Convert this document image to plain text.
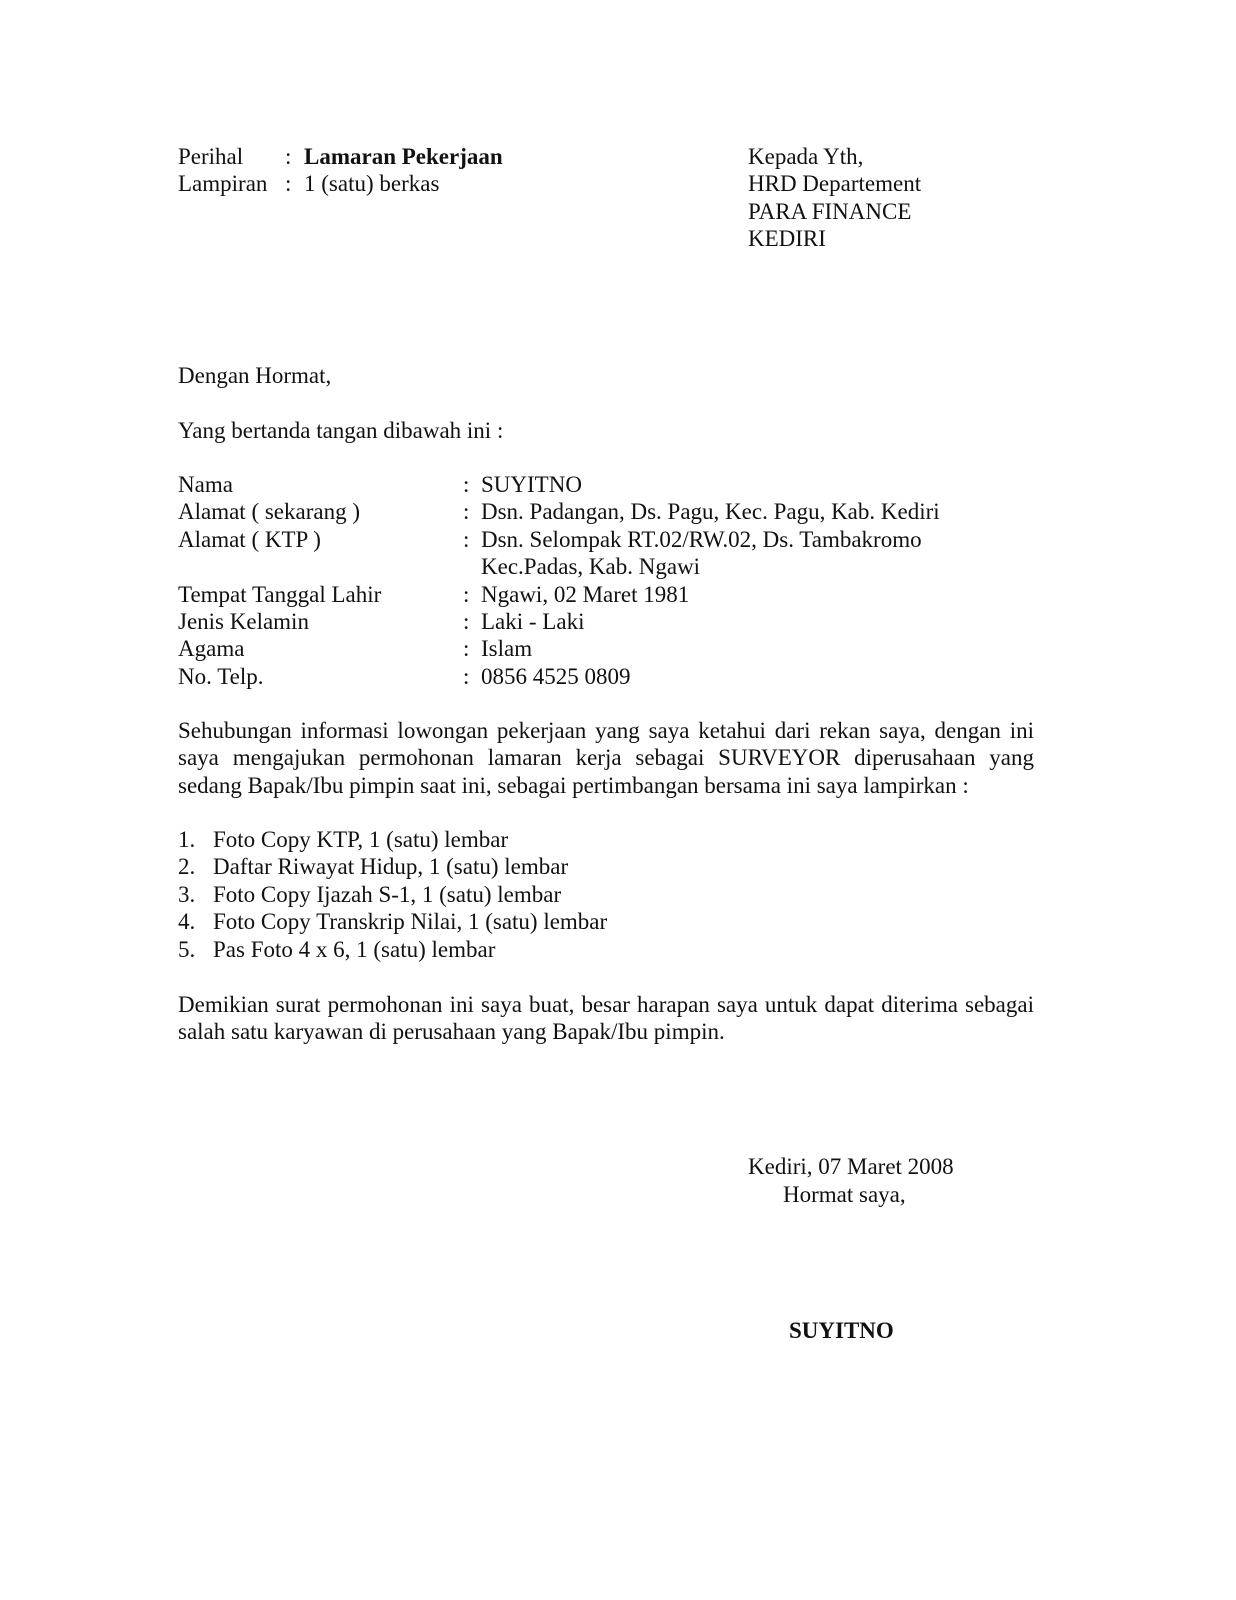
Perihal : Lamaran Pekerjaan
Lampiran : 1 (satu) berkas
Kepada Yth,
HRD Departement
PARA FINANCE
KEDIRI
Dengan Hormat,
Yang bertanda tangan dibawah ini :
Nama	: SUYITNO
Alamat ( sekarang )	: Dsn. Padangan, Ds. Pagu, Kec. Pagu, Kab. Kediri
Alamat ( KTP )	: Dsn. Selompak RT.02/RW.02, Ds. Tambakromo
Kec.Padas, Kab. Ngawi
Tempat Tanggal Lahir	: Ngawi, 02 Maret 1981
Jenis Kelamin	: Laki - Laki
Agama	: Islam
No. Telp.	: 0856 4525 0809
Sehubungan informasi lowongan pekerjaan yang saya ketahui dari rekan saya, dengan ini saya mengajukan permohonan lamaran kerja sebagai SURVEYOR diperusahaan yang sedang Bapak/Ibu pimpin saat ini, sebagai pertimbangan bersama ini saya lampirkan :
1. Foto Copy KTP, 1 (satu) lembar
2. Daftar Riwayat Hidup, 1 (satu) lembar
3. Foto Copy Ijazah S-1, 1 (satu) lembar
4. Foto Copy Transkrip Nilai, 1 (satu) lembar
5. Pas Foto 4 x 6, 1 (satu) lembar
Demikian surat permohonan ini saya buat, besar harapan saya untuk dapat diterima sebagai salah satu karyawan di perusahaan yang Bapak/Ibu pimpin.
Kediri, 07 Maret 2008
Hormat saya,
SUYITNO
